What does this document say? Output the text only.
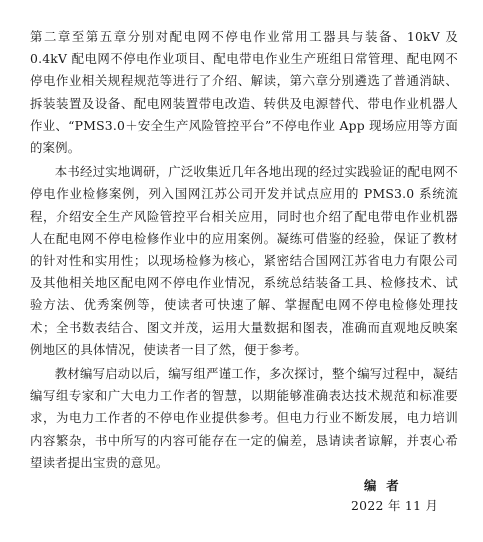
第二章至第五章分别对配电网不停电作业常用工器具与装备、10kV 及 0.4kV 配电网不停电作业项目、配电带电作业生产班组日常管理、配电网不停电作业相关规程规范等进行了介绍、解读，第六章分别遴选了普通消缺、拆装装置及设备、配电网装置带电改造、转供及电源替代、带电作业机器人作业、“PMS3.0＋安全生产风险管控平台”不停电作业 App 现场应用等方面的案例。

本书经过实地调研，广泛收集近几年各地出现的经过实践验证的配电网不停电作业检修案例，列入国网江苏公司开发并试点应用的 PMS3.0 系统流程，介绍安全生产风险管控平台相关应用，同时也介绍了配电带电作业机器人在配电网不停电检修作业中的应用案例。凝练可借鉴的经验，保证了教材的针对性和实用性；以现场检修为核心，紧密结合国网江苏省电力有限公司及其他相关地区配电网不停电作业情况，系统总结装备工具、检修技术、试验方法、优秀案例等，使读者可快速了解、掌握配电网不停电检修处理技术；全书数表结合、图文并茂，运用大量数据和图表，准确而直观地反映案例地区的具体情况，使读者一目了然，便于参考。

教材编写启动以后，编写组严谨工作，多次探讨，整个编写过程中，凝结编写组专家和广大电力工作者的智慧，以期能够准确表达技术规范和标准要求，为电力工作者的不停电作业提供参考。但电力行业不断发展，电力培训内容繁杂，书中所写的内容可能存在一定的偏差，恳请读者谅解，并衷心希望读者提出宝贵的意见。

编者
2022 年 11 月
